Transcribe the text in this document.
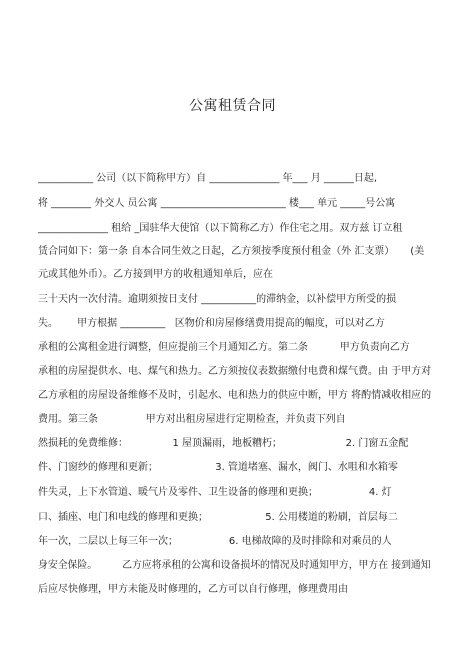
公寓租赁合同
___________ 公司（以下简称甲方）自 ______________ 年___ 月 ______日起,
将 ________ 外交人 员公寓 _________________________ 楼___ 单元 _____号公寓
______________ 租给 _国驻华大使馆（以下简称乙方）作住宅之用。双方兹 订立租
赁合同如下：第一条 自本合同生效之日起，乙方须按季度预付租金（外 汇支票）     (美
元或其他外币）。乙方接到甲方的收租通知单后，应在
三十天内一次付清。逾期须按日支付 ___________的滞纳金，以补偿甲方所受的损
失。      甲方根据 _________   区物价和房屋修缮费用提高的幅度，可以对乙方
承租的公寓租金进行调整，但应提前三个月通知乙方。第二条          甲方负责向乙方
承租的房屋提供水、电、煤气和热力。乙方须按仪表数据缴付电费和煤气费。由 于甲方对
乙方承租的房屋设备维修不及时，引起水、电和热力的供应中断，甲方 将酌情减收相应的
费用。第三条               甲方对出租房屋进行定期检查，并负责下列自
然损耗的免费维修：              1 屋顶漏雨，地板糟朽；                    2. 门窗五金配
件、门窗纱的修理和更新；                  3. 管道堵塞、漏水，阀门、水咀和水箱零
件失灵，上下水管道、暖气片及零件、卫生设备的修理和更换；                4. 灯
口、插座、电门和电线的修理和更换；                  5. 公用楼道的粉刷，首层每二
年一次，二层以上每三年一次；                6. 电梯故障的及时排除和对乘员的人
身安全保险。        乙方应将承租的公寓和设备损坏的情况及时通知甲方，甲方在 接到通知
后应尽快修理，甲方未能及时修理的，乙方可以自行修理，修理费用由
